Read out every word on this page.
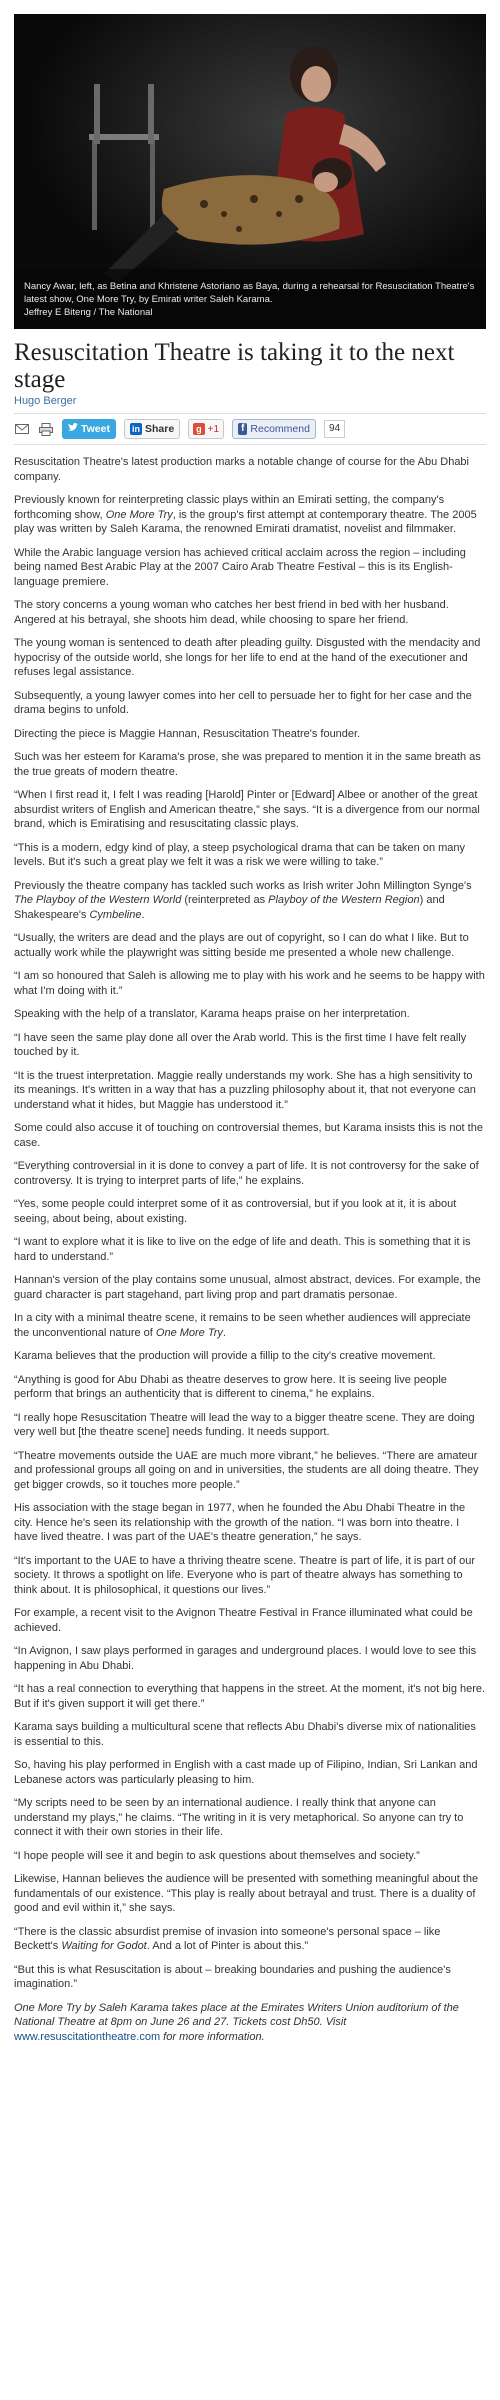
Nancy Awar, left, as Betina and Khristene Astoriano as Baya, during a rehearsal for Resuscitation Theatre's latest show, One More Try, by Emirati writer Saleh Karama.
Jeffrey E Biteng / The National
Resuscitation Theatre is taking it to the next stage
Hugo Berger
Tweet in Share	g +1	f Recommend	94

Resuscitation Theatre's latest production marks a notable change of course for the Abu Dhabi company.

Previously known for reinterpreting classic plays within an Emirati setting, the company's forthcoming show, One More Try, is the group's first attempt at contemporary theatre. The 2005 play was written by Saleh Karama, the renowned Emirati dramatist, novelist and filmmaker.

While the Arabic language version has achieved critical acclaim across the region – including being named Best Arabic Play at the 2007 Cairo Arab Theatre Festival – this is its English-language premiere.

The story concerns a young woman who catches her best friend in bed with her husband. Angered at his betrayal, she shoots him dead, while choosing to spare her friend.

The young woman is sentenced to death after pleading guilty. Disgusted with the mendacity and hypocrisy of the outside world, she longs for her life to end at the hand of the executioner and refuses legal assistance.

Subsequently, a young lawyer comes into her cell to persuade her to fight for her case and the drama begins to unfold.

Directing the piece is Maggie Hannan, Resuscitation Theatre's founder.

Such was her esteem for Karama's prose, she was prepared to mention it in the same breath as the true greats of modern theatre.

“When I first read it, I felt I was reading [Harold] Pinter or [Edward] Albee or another of the great absurdist writers of English and American theatre,” she says. “It is a divergence from our normal brand, which is Emiratising and resuscitating classic plays.

“This is a modern, edgy kind of play, a steep psychological drama that can be taken on many levels. But it's such a great play we felt it was a risk we were willing to take.”

Previously the theatre company has tackled such works as Irish writer John Millington Synge's The Playboy of the Western World (reinterpreted as Playboy of the Western Region) and Shakespeare's Cymbeline.

“Usually, the writers are dead and the plays are out of copyright, so I can do what I like. But to actually work while the playwright was sitting beside me presented a whole new challenge.

“I am so honoured that Saleh is allowing me to play with his work and he seems to be happy with what I'm doing with it.”

Speaking with the help of a translator, Karama heaps praise on her interpretation.

“I have seen the same play done all over the Arab world. This is the first time I have felt really touched by it.

“It is the truest interpretation. Maggie really understands my work. She has a high sensitivity to its meanings. It's written in a way that has a puzzling philosophy about it, that not everyone can understand what it hides, but Maggie has understood it.”

Some could also accuse it of touching on controversial themes, but Karama insists this is not the case.

“Everything controversial in it is done to convey a part of life. It is not controversy for the sake of controversy. It is trying to interpret parts of life,” he explains.

“Yes, some people could interpret some of it as controversial, but if you look at it, it is about seeing, about being, about existing.

“I want to explore what it is like to live on the edge of life and death. This is something that it is hard to understand.”

Hannan's version of the play contains some unusual, almost abstract, devices. For example, the guard character is part stagehand, part living prop and part dramatis personae.

In a city with a minimal theatre scene, it remains to be seen whether audiences will appreciate the unconventional nature of One More Try.

Karama believes that the production will provide a fillip to the city's creative movement.

“Anything is good for Abu Dhabi as theatre deserves to grow here. It is seeing live people perform that brings an authenticity that is different to cinema,” he explains.

“I really hope Resuscitation Theatre will lead the way to a bigger theatre scene. They are doing very well but [the theatre scene] needs funding. It needs support.

“Theatre movements outside the UAE are much more vibrant,” he believes. “There are amateur and professional groups all going on and in universities, the students are all doing theatre. They get bigger crowds, so it touches more people.”

His association with the stage began in 1977, when he founded the Abu Dhabi Theatre in the city. Hence he's seen its relationship with the growth of the nation. “I was born into theatre. I have lived theatre. I was part of the UAE's theatre generation,” he says.

“It's important to the UAE to have a thriving theatre scene. Theatre is part of life, it is part of our society. It throws a spotlight on life. Everyone who is part of theatre always has something to think about. It is philosophical, it questions our lives.”

For example, a recent visit to the Avignon Theatre Festival in France illuminated what could be achieved.

“In Avignon, I saw plays performed in garages and underground places. I would love to see this happening in Abu Dhabi.

“It has a real connection to everything that happens in the street. At the moment, it's not big here. But if it's given support it will get there.”

Karama says building a multicultural scene that reflects Abu Dhabi's diverse mix of nationalities is essential to this.

So, having his play performed in English with a cast made up of Filipino, Indian, Sri Lankan and Lebanese actors was particularly pleasing to him.

“My scripts need to be seen by an international audience. I really think that anyone can understand my plays,” he claims. “The writing in it is very metaphorical. So anyone can try to connect it with their own stories in their life.

“I hope people will see it and begin to ask questions about themselves and society.”

Likewise, Hannan believes the audience will be presented with something meaningful about the fundamentals of our existence. “This play is really about betrayal and trust. There is a duality of good and evil within it,” she says.

“There is the classic absurdist premise of invasion into someone's personal space – like Beckett's Waiting for Godot. And a lot of Pinter is about this.”

“But this is what Resuscitation is about – breaking boundaries and pushing the audience's imagination.”

One More Try by Saleh Karama takes place at the Emirates Writers Union auditorium of the National Theatre at 8pm on June 26 and 27. Tickets cost Dh50. Visit www.resuscitationtheatre.com for more information.
